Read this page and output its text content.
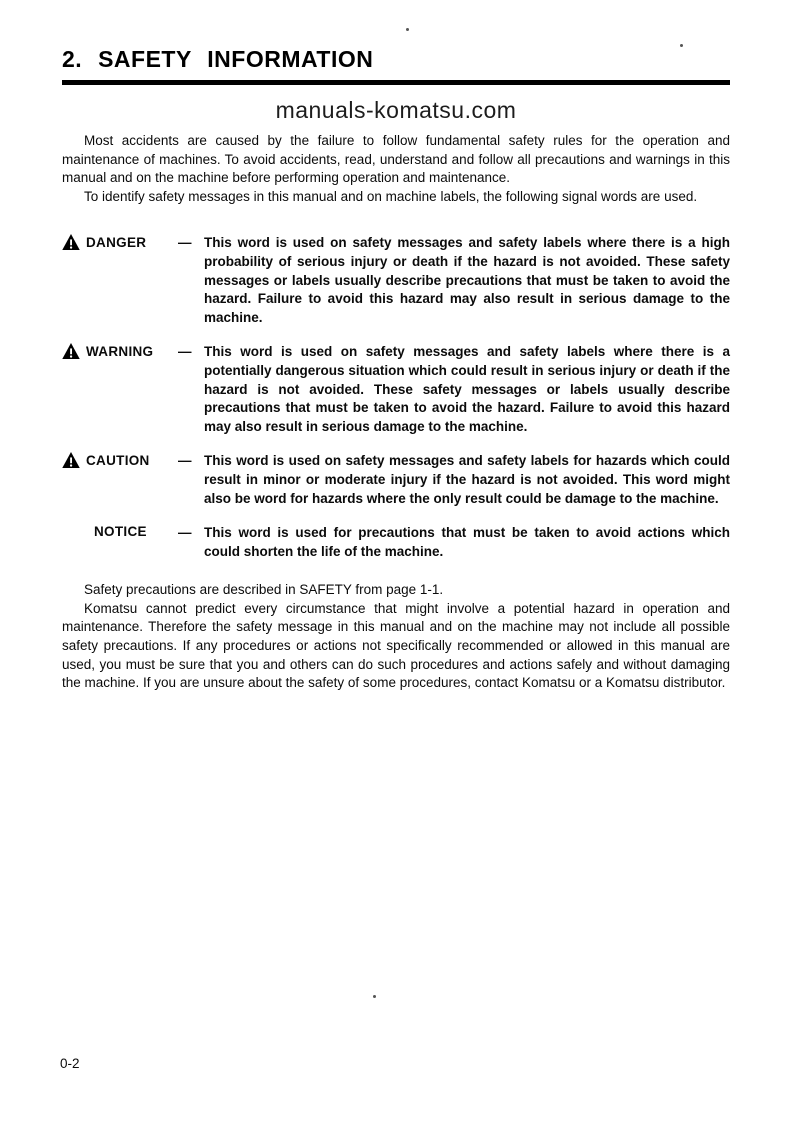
2. SAFETY INFORMATION
manuals-komatsu.com

Most accidents are caused by the failure to follow fundamental safety rules for the operation and maintenance of machines. To avoid accidents, read, understand and follow all precautions and warnings in this manual and on the machine before performing operation and maintenance.

To identify safety messages in this manual and on machine labels, the following signal words are used.

DANGER — This word is used on safety messages and safety labels where there is a high probability of serious injury or death if the hazard is not avoided. These safety messages or labels usually describe precautions that must be taken to avoid the hazard. Failure to avoid this hazard may also result in serious damage to the machine.
WARNING — This word is used on safety messages and safety labels where there is a potentially dangerous situation which could result in serious injury or death if the hazard is not avoided. These safety messages or labels usually describe precautions that must be taken to avoid the hazard. Failure to avoid this hazard may also result in serious damage to the machine.
CAUTION — This word is used on safety messages and safety labels for hazards which could result in minor or moderate injury if the hazard is not avoided. This word might also be word for hazards where the only result could be damage to the machine.
NOTICE — This word is used for precautions that must be taken to avoid actions which could shorten the life of the machine.

Safety precautions are described in SAFETY from page 1-1.

Komatsu cannot predict every circumstance that might involve a potential hazard in operation and maintenance. Therefore the safety message in this manual and on the machine may not include all possible safety precautions. If any procedures or actions not specifically recommended or allowed in this manual are used, you must be sure that you and others can do such procedures and actions safely and without damaging the machine. If you are unsure about the safety of some procedures, contact Komatsu or a Komatsu distributor.

0-2
